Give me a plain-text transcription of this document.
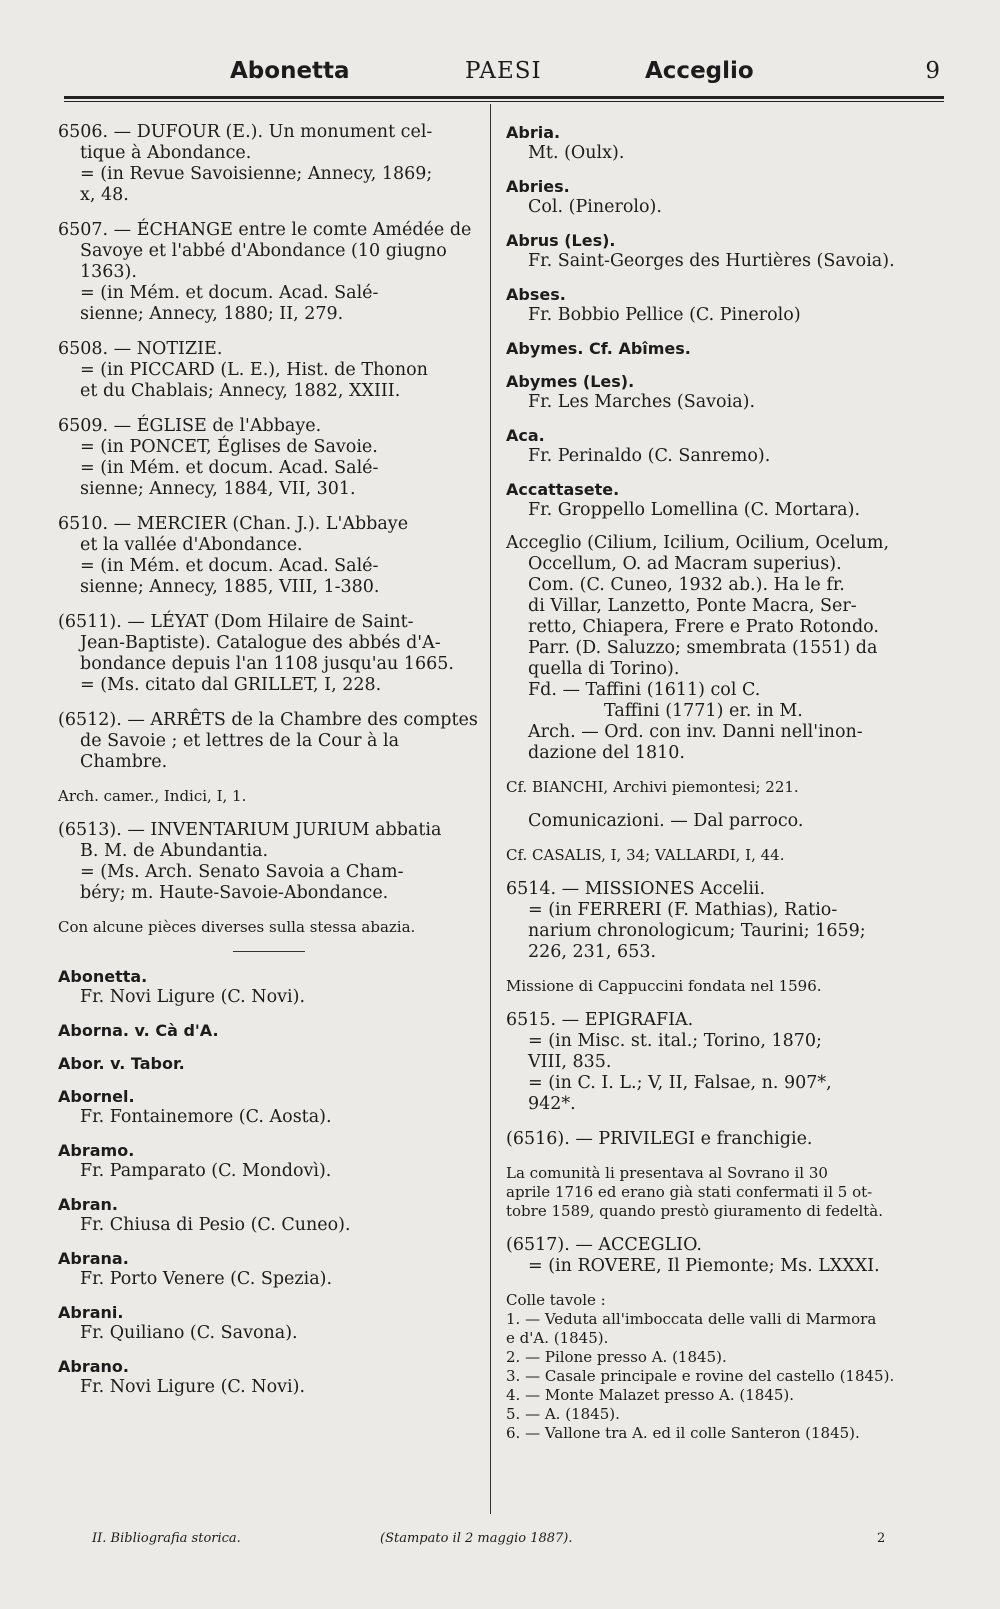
Abonetta	PAESI	Acceglio	9
6506. — DUFOUR (E.). Un monument cel-
tique à Abondance.
= (in Revue Savoisienne; Annecy, 1869;
x, 48.
6507. — ÉCHANGE entre le comte Amédée de
Savoye et l'abbé d'Abondance (10 giugno
1363).
= (in Mém. et docum. Acad. Salé-
sienne; Annecy, 1880; II, 279.
6508. — NOTIZIE.
= (in PICCARD (L. E.), Hist. de Thonon
et du Chablais; Annecy, 1882, XXIII.
6509. — ÉGLISE de l'Abbaye.
= (in PONCET, Églises de Savoie.
= (in Mém. et docum. Acad. Salé-
sienne; Annecy, 1884, VII, 301.
6510. — MERCIER (Chan. J.). L'Abbaye
et la vallée d'Abondance.
= (in Mém. et docum. Acad. Salé-
sienne; Annecy, 1885, VIII, 1-380.
(6511). — LÉYAT (Dom Hilaire de Saint-
Jean-Baptiste). Catalogue des abbés d'A-
bondance depuis l'an 1108 jusqu'au 1665.
= (Ms. citato dal GRILLET, I, 228.
(6512). — ARRÊTS de la Chambre des comptes
de Savoie ; et lettres de la Cour à la
Chambre.
Arch. camer., Indici, I, 1.
(6513). — INVENTARIUM JURIUM abbatia
B. M. de Abundantia.
= (Ms. Arch. Senato Savoia a Cham-
béry; m. Haute-Savoie-Abondance.
Con alcune pièces diverses sulla stessa abazia.
Abonetta.
Fr. Novi Ligure (C. Novi).
Aborna. v. Cà d'A.
Abor. v. Tabor.
Abornel.
Fr. Fontainemore (C. Aosta).
Abramo.
Fr. Pamparato (C. Mondovì).
Abran.
Fr. Chiusa di Pesio (C. Cuneo).
Abrana.
Fr. Porto Venere (C. Spezia).
Abrani.
Fr. Quiliano (C. Savona).
Abrano.
Fr. Novi Ligure (C. Novi).
Abria.
Mt. (Oulx).
Abries.
Col. (Pinerolo).
Abrus (Les).
Fr. Saint-Georges des Hurtières (Savoia).
Abses.
Fr. Bobbio Pellice (C. Pinerolo)
Abymes. Cf. Abîmes.
Abymes (Les).
Fr. Les Marches (Savoia).
Aca.
Fr. Perinaldo (C. Sanremo).
Accattasete.
Fr. Groppello Lomellina (C. Mortara).
Acceglio (Cilium, Icilium, Ocilium, Ocelum,
Occellum, O. ad Macram superius).
Com. (C. Cuneo, 1932 ab.). Ha le fr.
di Villar, Lanzetto, Ponte Macra, Ser-
retto, Chiapera, Frere e Prato Rotondo.
Parr. (D. Saluzzo; smembrata (1551) da
quella di Torino).
Fd. — Taffini (1611) col C.
Taffini (1771) er. in M.
Arch. — Ord. con inv. Danni nell'inon-
dazione del 1810.
Cf. BIANCHI, Archivi piemontesi; 221.
Comunicazioni. — Dal parroco.
Cf. CASALIS, I, 34; VALLARDI, I, 44.
6514. — MISSIONES Accelii.
= (in FERRERI (F. Mathias), Ratio-
narium chronologicum; Taurini; 1659;
226, 231, 653.
Missione di Cappuccini fondata nel 1596.
6515. — EPIGRAFIA.
= (in Misc. st. ital.; Torino, 1870;
VIII, 835.
= (in C. I. L.; V, II, Falsae, n. 907*,
942*.
(6516). — PRIVILEGI e franchigie.
La comunità li presentava al Sovrano il 30
aprile 1716 ed erano già stati confermati il 5 ot-
tobre 1589, quando prestò giuramento di fedeltà.
(6517). — ACCEGLIO.
= (in ROVERE, Il Piemonte; Ms. LXXXI.
Colle tavole :
1. — Veduta all'imboccata delle valli di Marmora
e d'A. (1845).
2. — Pilone presso A. (1845).
3. — Casale principale e rovine del castello (1845).
4. — Monte Malazet presso A. (1845).
5. — A. (1845).
6. — Vallone tra A. ed il colle Santeron (1845).
II. Bibliografia storica.	(Stampato il 2 maggio 1887).	2
